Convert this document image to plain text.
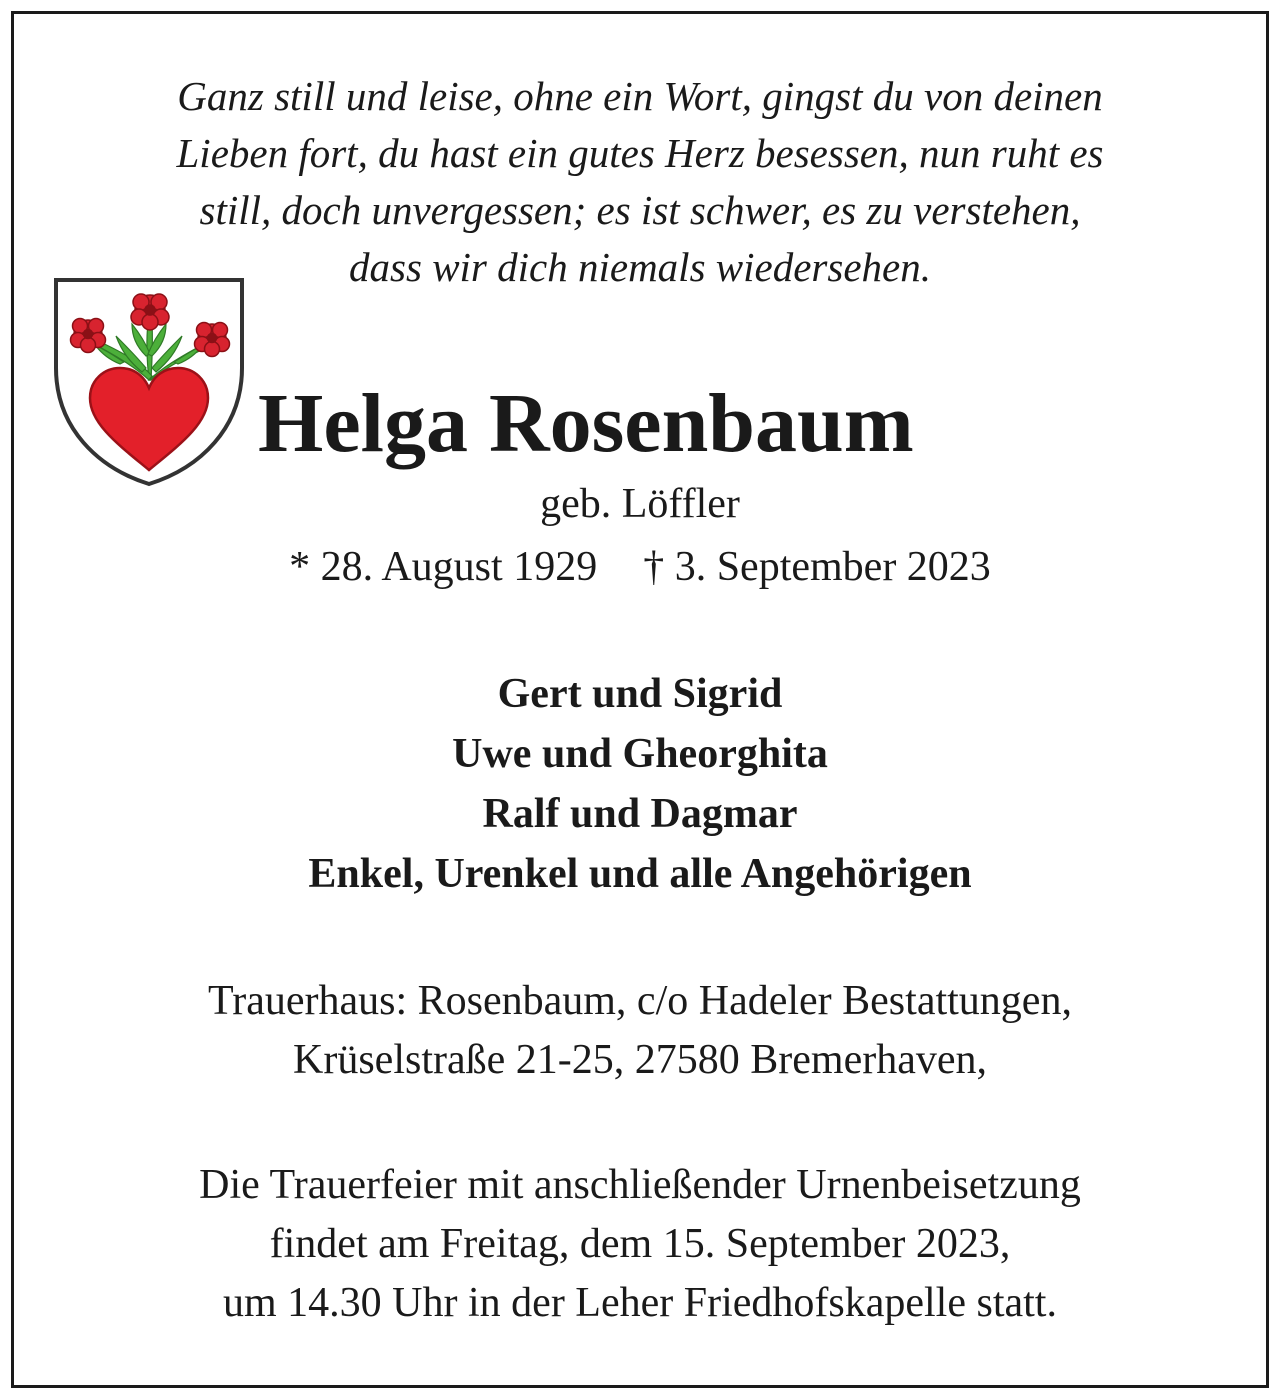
Ganz still und leise, ohne ein Wort, gingst du von deinen
Lieben fort, du hast ein gutes Herz besessen, nun ruht es
still, doch unvergessen; es ist schwer, es zu verstehen,
dass wir dich niemals wiedersehen.
Helga Rosenbaum
geb. Löffler
* 28. August 1929 † 3. September 2023
Gert und Sigrid
Uwe und Gheorghita
Ralf und Dagmar
Enkel, Urenkel und alle Angehörigen
Trauerhaus: Rosenbaum, c/o Hadeler Bestattungen,
Krüselstraße 21-25, 27580 Bremerhaven,
Die Trauerfeier mit anschließender Urnenbeisetzung
findet am Freitag, dem 15. September 2023,
um 14.30 Uhr in der Leher Friedhofskapelle statt.
